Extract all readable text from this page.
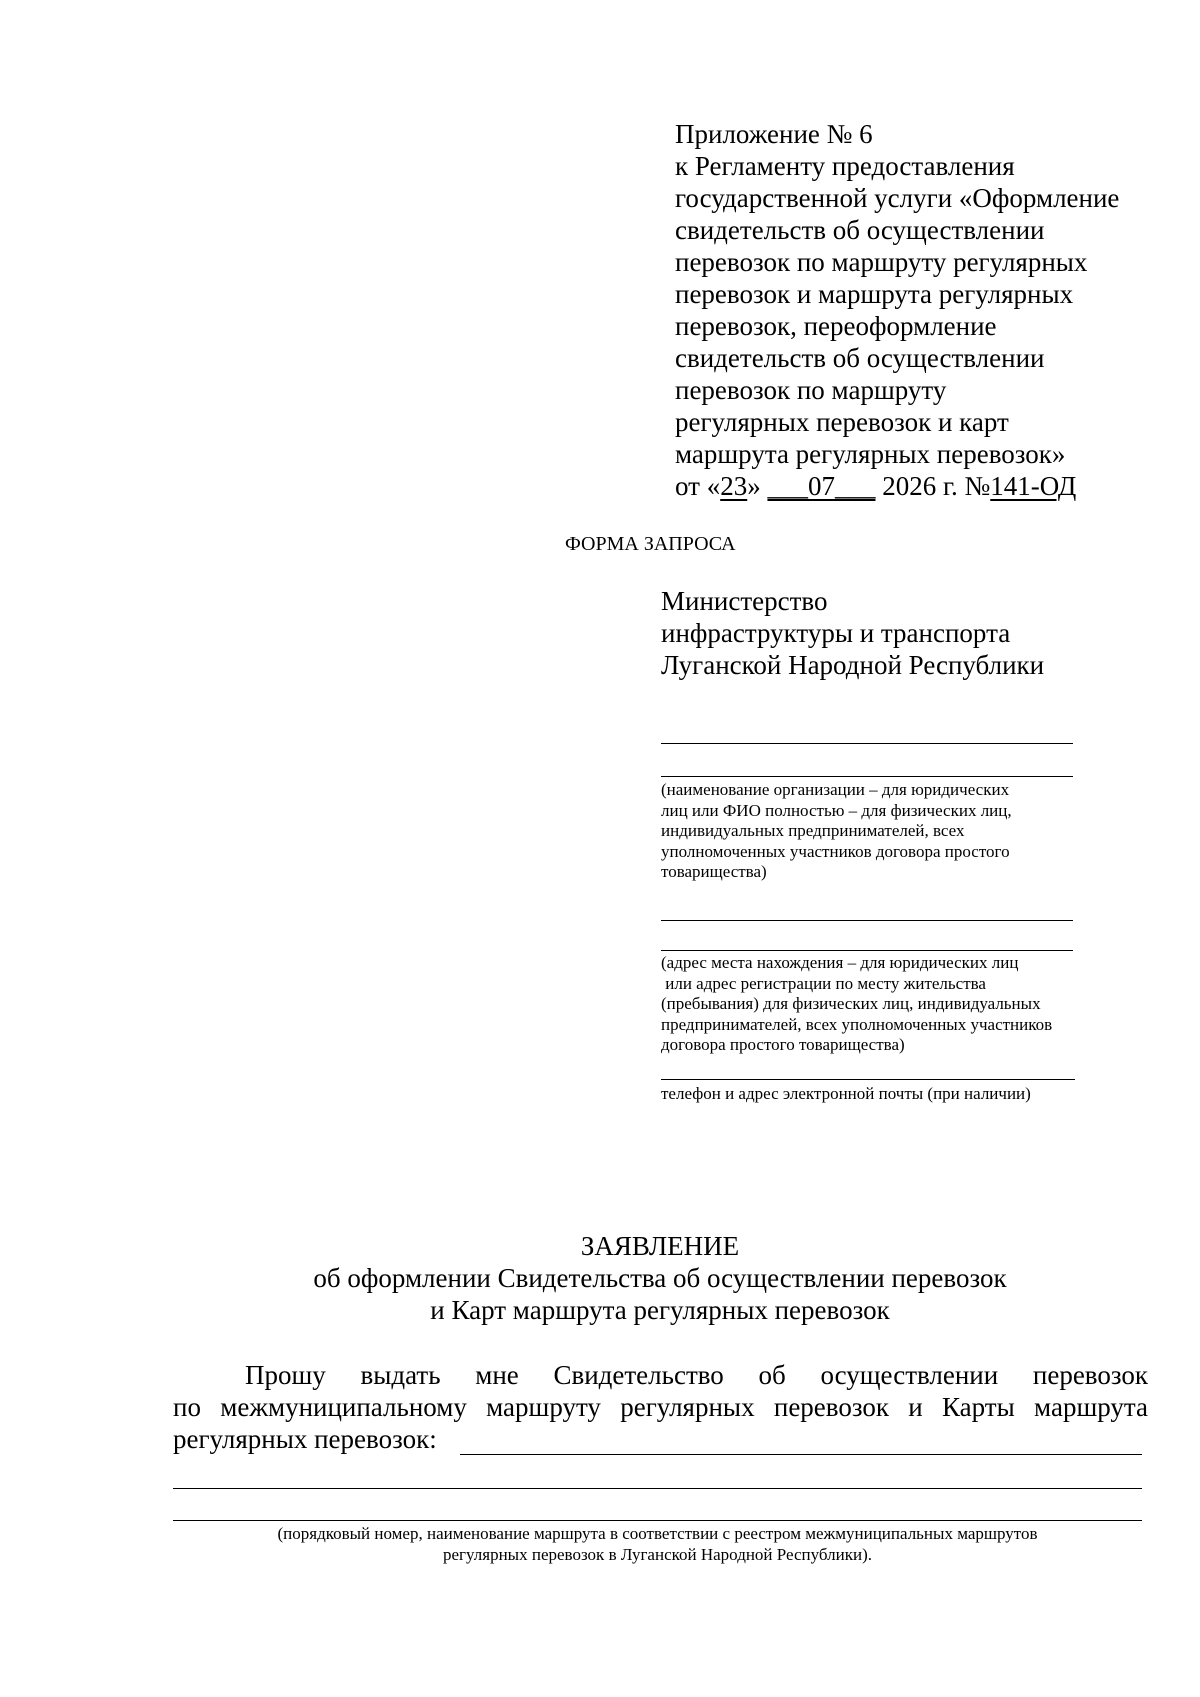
Приложение № 6
к Регламенту предоставления
государственной услуги «Оформление
свидетельств об осуществлении
перевозок по маршруту регулярных
перевозок и маршрута регулярных
перевозок, переоформление
свидетельств об осуществлении
перевозок по маршруту
регулярных перевозок и карт
маршрута регулярных перевозок»
от «23» ___07___ 2026 г. №141-ОД
ФОРМА ЗАПРОСА
Министерство
инфраструктуры и транспорта
Луганской Народной Республики
(наименование организации – для юридических
лиц или ФИО полностью – для физических лиц,
индивидуальных предпринимателей, всех
уполномоченных участников договора простого
товарищества)
(адрес места нахождения – для юридических лиц
или адрес регистрации по месту жительства
(пребывания) для физических лиц, индивидуальных
предпринимателей, всех уполномоченных участников
договора простого товарищества)
телефон и адрес электронной почты (при наличии)
ЗАЯВЛЕНИЕ
об оформлении Свидетельства об осуществлении перевозок
и Карт маршрута регулярных перевозок
Прошу выдать мне Свидетельство об осуществлении перевозок
по межмуниципальному маршруту регулярных перевозок и Карты маршрута
регулярных перевозок:
(порядковый номер, наименование маршрута в соответствии с реестром межмуниципальных маршрутов
регулярных перевозок в Луганской Народной Республики).
